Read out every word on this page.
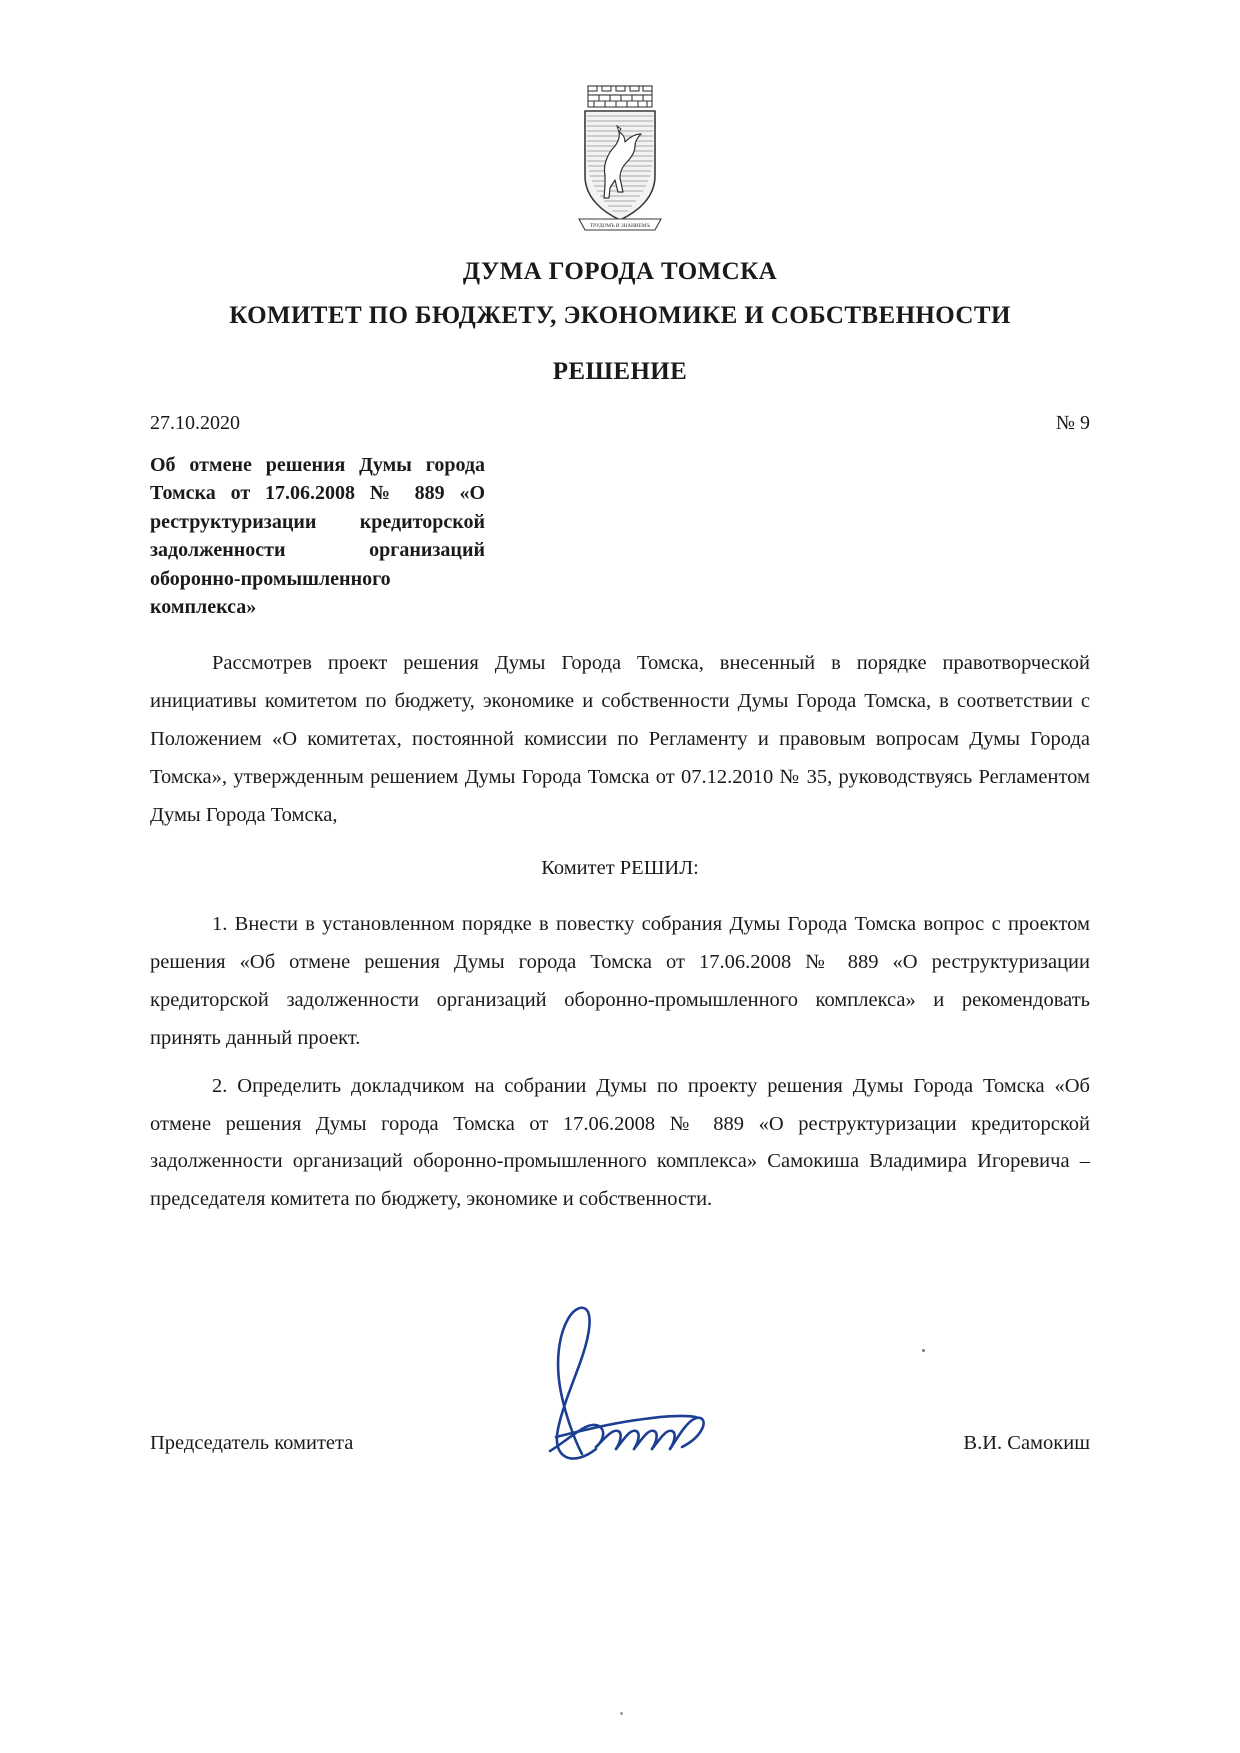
ТРУДОМЪ И ЗНАНИЕМЪ
ДУМА ГОРОДА ТОМСКА
КОМИТЕТ ПО БЮДЖЕТУ, ЭКОНОМИКЕ И СОБСТВЕННОСТИ
РЕШЕНИЕ
27.10.2020	№ 9
Об отмене решения Думы города Томска от 17.06.2008 № 889 «О реструктуризации кредиторской задолженности организаций оборонно-промышленного комплекса»

Рассмотрев проект решения Думы Города Томска, внесенный в порядке правотворческой инициативы комитетом по бюджету, экономике и собственности Думы Города Томска, в соответствии с Положением «О комитетах, постоянной комиссии по Регламенту и правовым вопросам Думы Города Томска», утвержденным решением Думы Города Томска от 07.12.2010 № 35, руководствуясь Регламентом Думы Города Томска,

Комитет РЕШИЛ:

1. Внести в установленном порядке в повестку собрания Думы Города Томска вопрос с проектом решения «Об отмене решения Думы города Томска от 17.06.2008 № 889 «О реструктуризации кредиторской задолженности организаций оборонно-промышленного комплекса» и рекомендовать принять данный проект.

2. Определить докладчиком на собрании Думы по проекту решения Думы Города Томска «Об отмене решения Думы города Томска от 17.06.2008 № 889 «О реструктуризации кредиторской задолженности организаций оборонно-промышленного комплекса» Самокиша Владимира Игоревича – председателя комитета по бюджету, экономике и собственности.

Председатель комитета	В.И. Самокиш
